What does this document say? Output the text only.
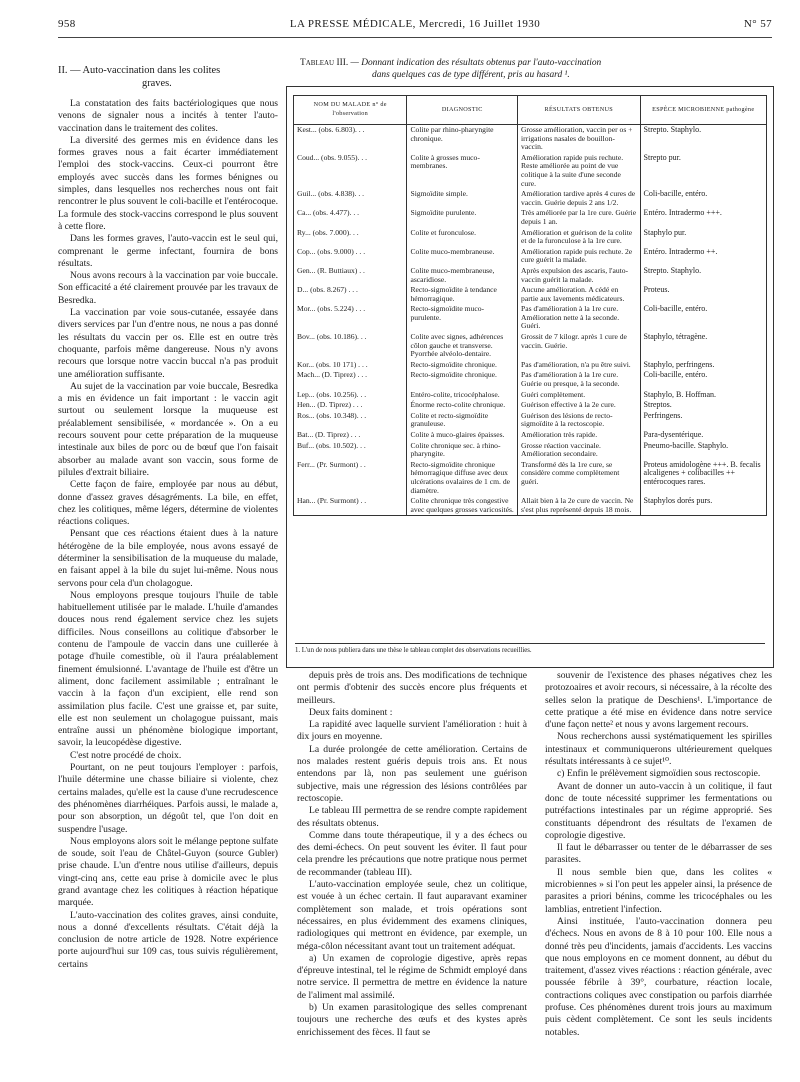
958	LA PRESSE MÉDICALE, Mercredi, 16 Juillet 1930	N° 57
II. — Auto-vaccination dans les colites
graves.

La constatation des faits bactériologiques que nous venons de signaler nous a incités à tenter l'auto-vaccination dans le traitement des colites.

La diversité des germes mis en évidence dans les formes graves nous a fait écarter immédiatement l'emploi des stock-vaccins. Ceux-ci pourront être employés avec succès dans les formes bénignes ou simples, dans lesquelles nos recherches nous ont fait rencontrer le plus souvent le coli-bacille et l'entérocoque. La formule des stock-vaccins correspond le plus souvent à cette flore.

Dans les formes graves, l'auto-vaccin est le seul qui, comprenant le germe infectant, fournira de bons résultats.

Nous avons recours à la vaccination par voie buccale. Son efficacité a été clairement prouvée par les travaux de Besredka.

La vaccination par voie sous-cutanée, essayée dans divers services par l'un d'entre nous, ne nous a pas donné les résultats du vaccin per os. Elle est en outre très choquante, parfois même dangereuse. Nous n'y avons recours que lorsque notre vaccin buccal n'a pas produit une amélioration suffisante.

Au sujet de la vaccination par voie buccale, Besredka a mis en évidence un fait important : le vaccin agit surtout ou seulement lorsque la muqueuse est préalablement sensibilisée, « mordancée ». On a eu recours souvent pour cette préparation de la muqueuse intestinale aux biles de porc ou de bœuf que l'on faisait absorber au malade avant son vaccin, sous forme de pilules d'extrait biliaire.

Cette façon de faire, employée par nous au début, donne d'assez graves désagréments. La bile, en effet, chez les colitiques, même légers, détermine de violentes réactions coliques.

Pensant que ces réactions étaient dues à la nature hétérogène de la bile employée, nous avons essayé de déterminer la sensibilisation de la muqueuse du malade, en faisant appel à la bile du sujet lui-même. Nous nous servons pour cela d'un cholagogue.

Nous employons presque toujours l'huile de table habituellement utilisée par le malade. L'huile d'amandes douces nous rend également service chez les sujets difficiles. Nous conseillons au colitique d'absorber le contenu de l'ampoule de vaccin dans une cuillerée à potage d'huile comestible, où il l'aura préalablement finement émulsionné. L'avantage de l'huile est d'être un aliment, donc facilement assimilable ; entraînant le vaccin à la façon d'un excipient, elle rend son assimilation plus facile. C'est une graisse et, par suite, elle est non seulement un cholagogue puissant, mais entraîne aussi un phénomène biologique important, savoir, la leucopédèse digestive.

C'est notre procédé de choix.

Pourtant, on ne peut toujours l'employer : parfois, l'huile détermine une chasse biliaire si violente, chez certains malades, qu'elle est la cause d'une recrudescence des phénomènes diarrhéiques. Parfois aussi, le malade a, pour son absorption, un dégoût tel, que l'on doit en suspendre l'usage.

Nous employons alors soit le mélange peptone sulfate de soude, soit l'eau de Châtel-Guyon (source Gubler) prise chaude. L'un d'entre nous utilise d'ailleurs, depuis vingt-cinq ans, cette eau prise à domicile avec le plus grand avantage chez les colitiques à réaction hépatique marquée.

L'auto-vaccination des colites graves, ainsi conduite, nous a donné d'excellents résultats. C'était déjà la conclusion de notre article de 1928. Notre expérience porte aujourd'hui sur 109 cas, tous suivis régulièrement, certains

Tableau III. — Donnant indication des résultats obtenus par l'auto-vaccination
dans quelques cas de type différent, pris au hasard ¹.
NOM DU MALADE n° de l'observation	DIAGNOSTIC	RÉSULTATS OBTENUS	ESPÈCE MICROBIENNE pathogène
Kest... (obs. 6.803). . .	Colite par rhino-pharyngite chronique.	Grosse amélioration, vaccin per os + irrigations nasales de bouillon-vaccin.	Strepto. Staphylo.
Coud... (obs. 9.055). . .	Colite à grosses muco-membranes.	Amélioration rapide puis rechute. Reste améliorée au point de vue colitique à la suite d'une seconde cure.	Strepto pur.
Guil... (obs. 4.838). . .	Sigmoïdite simple.	Amélioration tardive après 4 cures de vaccin. Guérie depuis 2 ans 1/2.	Coli-bacille, entéro.
Ca... (obs. 4.477). . .	Sigmoïdite purulente.	Très améliorée par la 1re cure. Guérie depuis 1 an.	Entéro. Intradermo +++.
Ry... (obs. 7.000). . .	Colite et furonculose.	Amélioration et guérison de la colite et de la furonculose à la 1re cure.	Staphylo pur.
Cop... (obs. 9.000) . . .	Colite muco-membraneuse.	Amélioration rapide puis rechute. 2e cure guérit la malade.	Entéro. Intradermo ++.
Gen... (R. Buttiaux) . .	Colite muco-membraneuse, ascaridiose.	Après expulsion des ascaris, l'auto-vaccin guérit la malade.	Strepto. Staphylo.
D... (obs. 8.267) . . .	Recto-sigmoïdite à tendance hémorragique.	Aucune amélioration. A cédé en partie aux lavements médicateurs.	Proteus.
Mor... (obs. 5.224) . . .	Recto-sigmoïdite muco-purulente.	Pas d'amélioration à la 1re cure. Amélioration nette à la seconde. Guéri.	Coli-bacille, entéro.
Bov... (obs. 10.186). . .	Colite avec signes, adhérences côlon gauche et transverse. Pyorrhée alvéolo-dentaire.	Grossit de 7 kilogr. après 1 cure de vaccin. Guérie.	Staphylo, tétragène.
Kor... (obs. 10 171) . . .	Recto-sigmoïdite chronique.	Pas d'amélioration, n'a pu être suivi.	Staphylo, perfringens.
Mach... (D. Tiprez) . . .	Recto-sigmoïdite chronique.	Pas d'amélioration à la 1re cure. Guérie ou presque, à la seconde.	Coli-bacille, entéro.
Lep... (obs. 10.256). . .	Entéro-colite, tricocéphalose.	Guéri complètement.	Staphylo, B. Hoffman.
Hen... (D. Tiprez) . . .	Énorme recto-colite chronique.	Guérison effective à la 2e cure.	Streptos.
Ros... (obs. 10.348). . .	Colite et recto-sigmoïdite granuleuse.	Guérison des lésions de recto-sigmoïdite à la rectoscopie.	Perfringens.
Bat... (D. Tiprez) . . .	Colite à muco-glaires épaisses.	Amélioration très rapide.	Para-dysentérique.
Buf... (obs. 10.502). . .	Colite chronique sec. à rhino-pharyngite.	Grosse réaction vaccinale. Amélioration secondaire.	Pneumo-bacille. Staphylo.
Ferr... (Pr. Surmont) . .	Recto-sigmoïdite chronique hémorragique diffuse avec deux ulcérations ovalaires de 1 cm. de diamètre.	Transformé dès la 1re cure, se considère comme complètement guéri.	Proteus amidologène +++. B. fecalis alcaligenes + colibacilles ++ entérocoques rares.
Han... (Pr. Surmont) . .	Colite chronique très congestive avec quelques grosses varicosités.	Allait bien à la 2e cure de vaccin. Ne s'est plus représenté depuis 18 mois.	Staphylos dorés purs.
1. L'un de nous publiera dans une thèse le tableau complet des observations recueillies.

depuis près de trois ans. Des modifications de technique ont permis d'obtenir des succès encore plus fréquents et meilleurs.

Deux faits dominent :

La rapidité avec laquelle survient l'amélioration : huit à dix jours en moyenne.

La durée prolongée de cette amélioration. Certains de nos malades restent guéris depuis trois ans. Et nous entendons par là, non pas seulement une guérison subjective, mais une régression des lésions contrôlées par rectoscopie.

Le tableau III permettra de se rendre compte rapidement des résultats obtenus.

Comme dans toute thérapeutique, il y a des échecs ou des demi-échecs. On peut souvent les éviter. Il faut pour cela prendre les précautions que notre pratique nous permet de recommander (tableau III).

L'auto-vaccination employée seule, chez un colitique, est vouée à un échec certain. Il faut auparavant examiner complètement son malade, et trois opérations sont nécessaires, en plus évidemment des examens cliniques, radiologiques qui mettront en évidence, par exemple, un méga-côlon nécessitant avant tout un traitement adéquat.

a) Un examen de coprologie digestive, après repas d'épreuve intestinal, tel le régime de Schmidt employé dans notre service. Il permettra de mettre en évidence la nature de l'aliment mal assimilé.

b) Un examen parasitologique des selles comprenant toujours une recherche des œufs et des kystes après enrichissement des fèces. Il faut se

souvenir de l'existence des phases négatives chez les protozoaires et avoir recours, si nécessaire, à la récolte des selles selon la pratique de Deschiens¹. L'importance de cette pratique a été mise en évidence dans notre service d'une façon nette² et nous y avons largement recours.

Nous recherchons aussi systématiquement les spirilles intestinaux et communiquerons ultérieurement quelques résultats intéressants à ce sujet¹⁰.

c) Enfin le prélèvement sigmoïdien sous rectoscopie.

Avant de donner un auto-vaccin à un colitique, il faut donc de toute nécessité supprimer les fermentations ou putréfactions intestinales par un régime approprié. Ses constituants dépendront des résultats de l'examen de coprologie digestive.

Il faut le débarrasser ou tenter de le débarrasser de ses parasites.

Il nous semble bien que, dans les colites « microbiennes » si l'on peut les appeler ainsi, la présence de parasites a priori bénins, comme les tricocéphales ou les lamblias, entretient l'infection.

Ainsi instituée, l'auto-vaccination donnera peu d'échecs. Nous en avons de 8 à 10 pour 100. Elle nous a donné très peu d'incidents, jamais d'accidents. Les vaccins que nous employons en ce moment donnent, au début du traitement, d'assez vives réactions : réaction générale, avec poussée fébrile à 39°, courbature, réaction locale, contractions coliques avec constipation ou parfois diarrhée profuse. Ces phénomènes durent trois jours au maximum puis cèdent complètement. Ce sont les seuls incidents notables.
